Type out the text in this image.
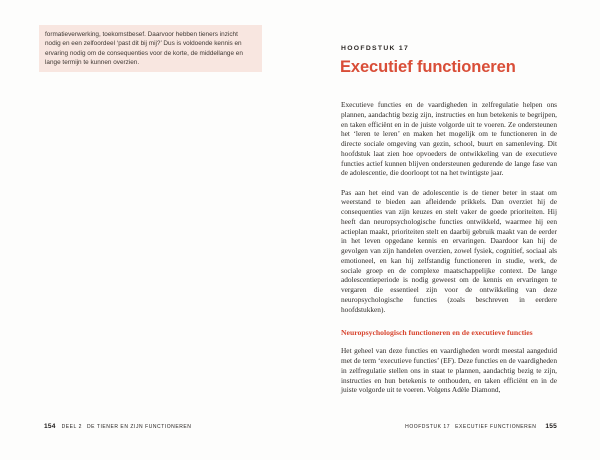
formatieverwerking, toekomstbesef. Daarvoor hebben tieners inzicht nodig en een zelfoordeel ‘past dit bij mij?’ Dus is voldoende kennis en ervaring nodig om de consequenties voor de korte, de middellange en lange termijn te kunnen overzien.
154 DEEL 2 DE TIENER EN ZIJN FUNCTIONEREN
HOOFDSTUK 17
Executief functioneren

Executieve functies en de vaardigheden in zelfregulatie helpen ons plannen, aandachtig bezig zijn, instructies en hun betekenis te begrijpen, en taken efficiënt en in de juiste volgorde uit te voeren. Ze ondersteunen het ‘leren te leren’ en maken het mogelijk om te functioneren in de directe sociale omgeving van gezin, school, buurt en samenleving. Dit hoofdstuk laat zien hoe opvoeders de ontwikkeling van de executieve functies actief kunnen blijven ondersteunen gedurende de lange fase van de adolescentie, die doorloopt tot na het twintigste jaar.

Pas aan het eind van de adolescentie is de tiener beter in staat om weerstand te bieden aan afleidende prikkels. Dan overziet hij de consequenties van zijn keuzes en stelt vaker de goede prioriteiten. Hij heeft dan neuropsychologische functies ontwikkeld, waarmee hij een actieplan maakt, prioriteiten stelt en daarbij gebruik maakt van de eerder in het leven opgedane kennis en ervaringen. Daardoor kan hij de gevolgen van zijn handelen overzien, zowel fysiek, cognitief, sociaal als emotioneel, en kan hij zelfstandig functioneren in studie, werk, de sociale groep en de complexe maatschappelijke context. De lange adolescentieperiode is nodig geweest om de kennis en ervaringen te vergaren die essentieel zijn voor de ontwikkeling van deze neuropsychologische functies (zoals beschreven in eerdere hoofdstukken).

Neuropsychologisch functioneren en de executieve functies

Het geheel van deze functies en vaardigheden wordt meestal aangeduid met de term ‘executieve functies’ (EF). Deze functies en de vaardigheden in zelfregulatie stellen ons in staat te plannen, aandachtig bezig te zijn, instructies en hun betekenis te onthouden, en taken efficiënt en in de juiste volgorde uit te voeren. Volgens Adèle Diamond,

HOOFDSTUK 17 EXECUTIEF FUNCTIONEREN 155
